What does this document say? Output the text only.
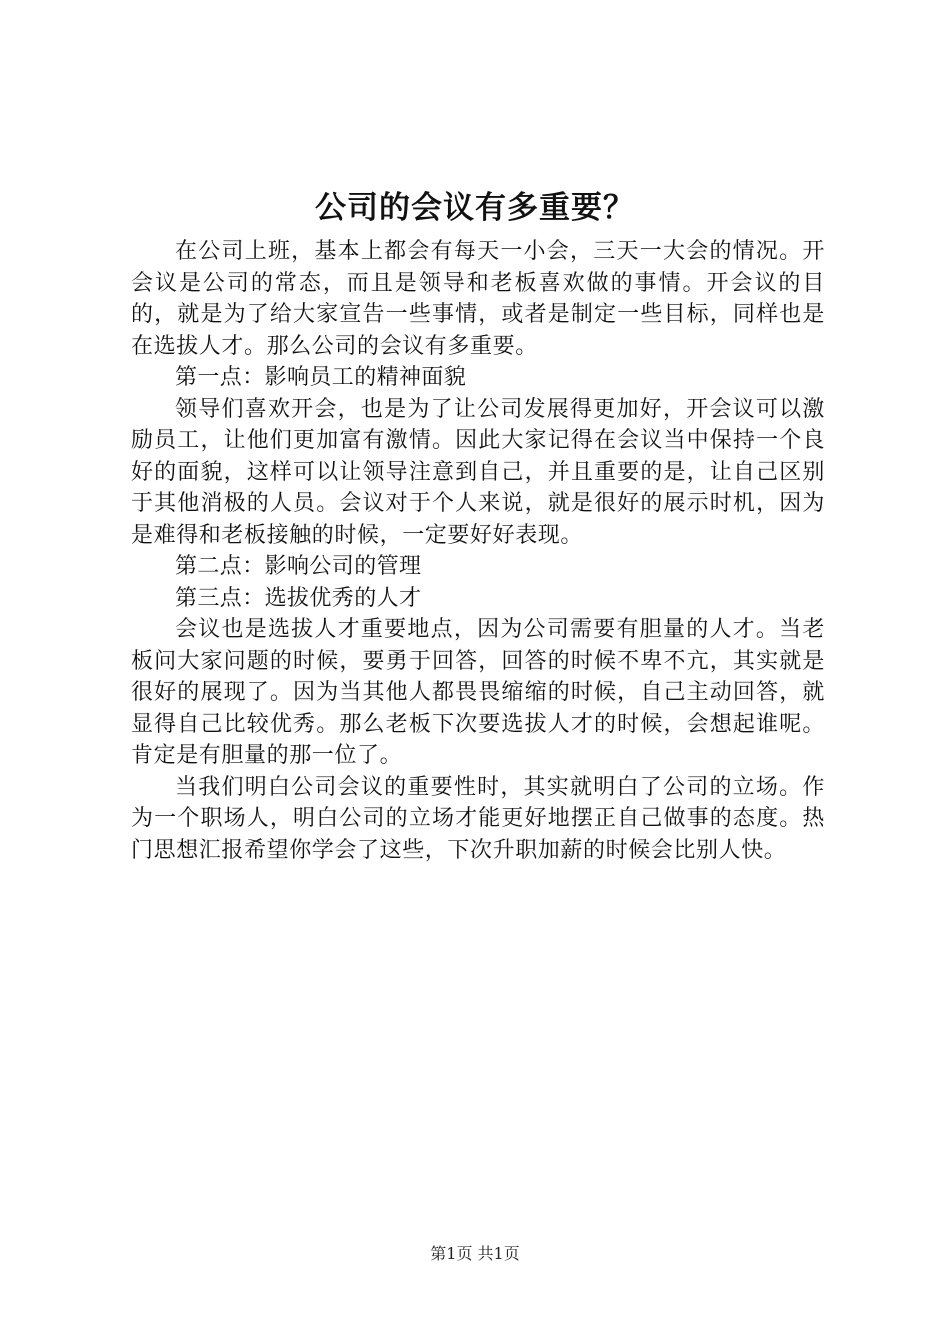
公司的会议有多重要？

在公司上班，基本上都会有每天一小会，三天一大会的情况。开会议是公司的常态，而且是领导和老板喜欢做的事情。开会议的目的，就是为了给大家宣告一些事情，或者是制定一些目标，同样也是在选拔人才。那么公司的会议有多重要。

第一点：影响员工的精神面貌

领导们喜欢开会，也是为了让公司发展得更加好，开会议可以激励员工，让他们更加富有激情。因此大家记得在会议当中保持一个良好的面貌，这样可以让领导注意到自己，并且重要的是，让自己区别于其他消极的人员。会议对于个人来说，就是很好的展示时机，因为是难得和老板接触的时候，一定要好好表现。

第二点：影响公司的管理

第三点：选拔优秀的人才

会议也是选拔人才重要地点，因为公司需要有胆量的人才。当老板问大家问题的时候，要勇于回答，回答的时候不卑不亢，其实就是很好的展现了。因为当其他人都畏畏缩缩的时候，自己主动回答，就显得自己比较优秀。那么老板下次要选拔人才的时候，会想起谁呢。肯定是有胆量的那一位了。

当我们明白公司会议的重要性时，其实就明白了公司的立场。作为一个职场人，明白公司的立场才能更好地摆正自己做事的态度。热门思想汇报希望你学会了这些，下次升职加薪的时候会比别人快。

第1页 共1页
